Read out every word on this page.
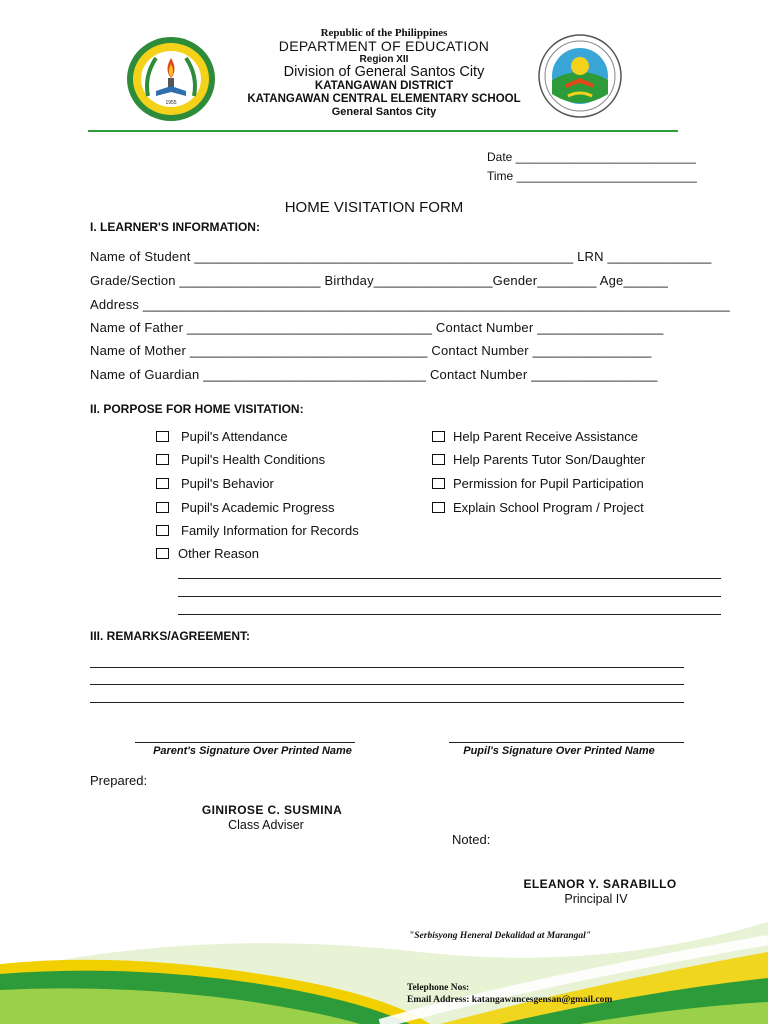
1955
Republic of the Philippines
DEPARTMENT OF EDUCATION
Region XII
Division of General Santos City
KATANGAWAN DISTRICT
KATANGAWAN CENTRAL ELEMENTARY SCHOOL
General Santos City
Date ___________________________
Time ___________________________
HOME VISITATION FORM
I. LEARNER'S INFORMATION:
Name of Student ___________________________________________________ LRN ______________
Grade/Section ___________________ Birthday________________Gender________ Age______
Address _______________________________________________________________________________
Name of Father _________________________________ Contact Number _________________
Name of Mother ________________________________ Contact Number ________________
Name of Guardian ______________________________ Contact Number _________________
II. PORPOSE FOR HOME VISITATION:
Pupil's Attendance
Pupil's Health Conditions
Pupil's Behavior
Pupil's Academic Progress
Family Information for Records
Other Reason
Help Parent Receive Assistance
Help Parents Tutor Son/Daughter
Permission for Pupil Participation
Explain School Program / Project
III. REMARKS/AGREEMENT:
Parent's Signature Over Printed Name	Pupil's Signature Over Printed Name
Prepared:
GINIROSE C. SUSMINA
Class Adviser
Noted:
ELEANOR Y. SARABILLO
Principal IV
"Serbisyong Heneral Dekalidad at Marangal"
Telephone Nos:
Email Address: katangawancesgensan@gmail.com
